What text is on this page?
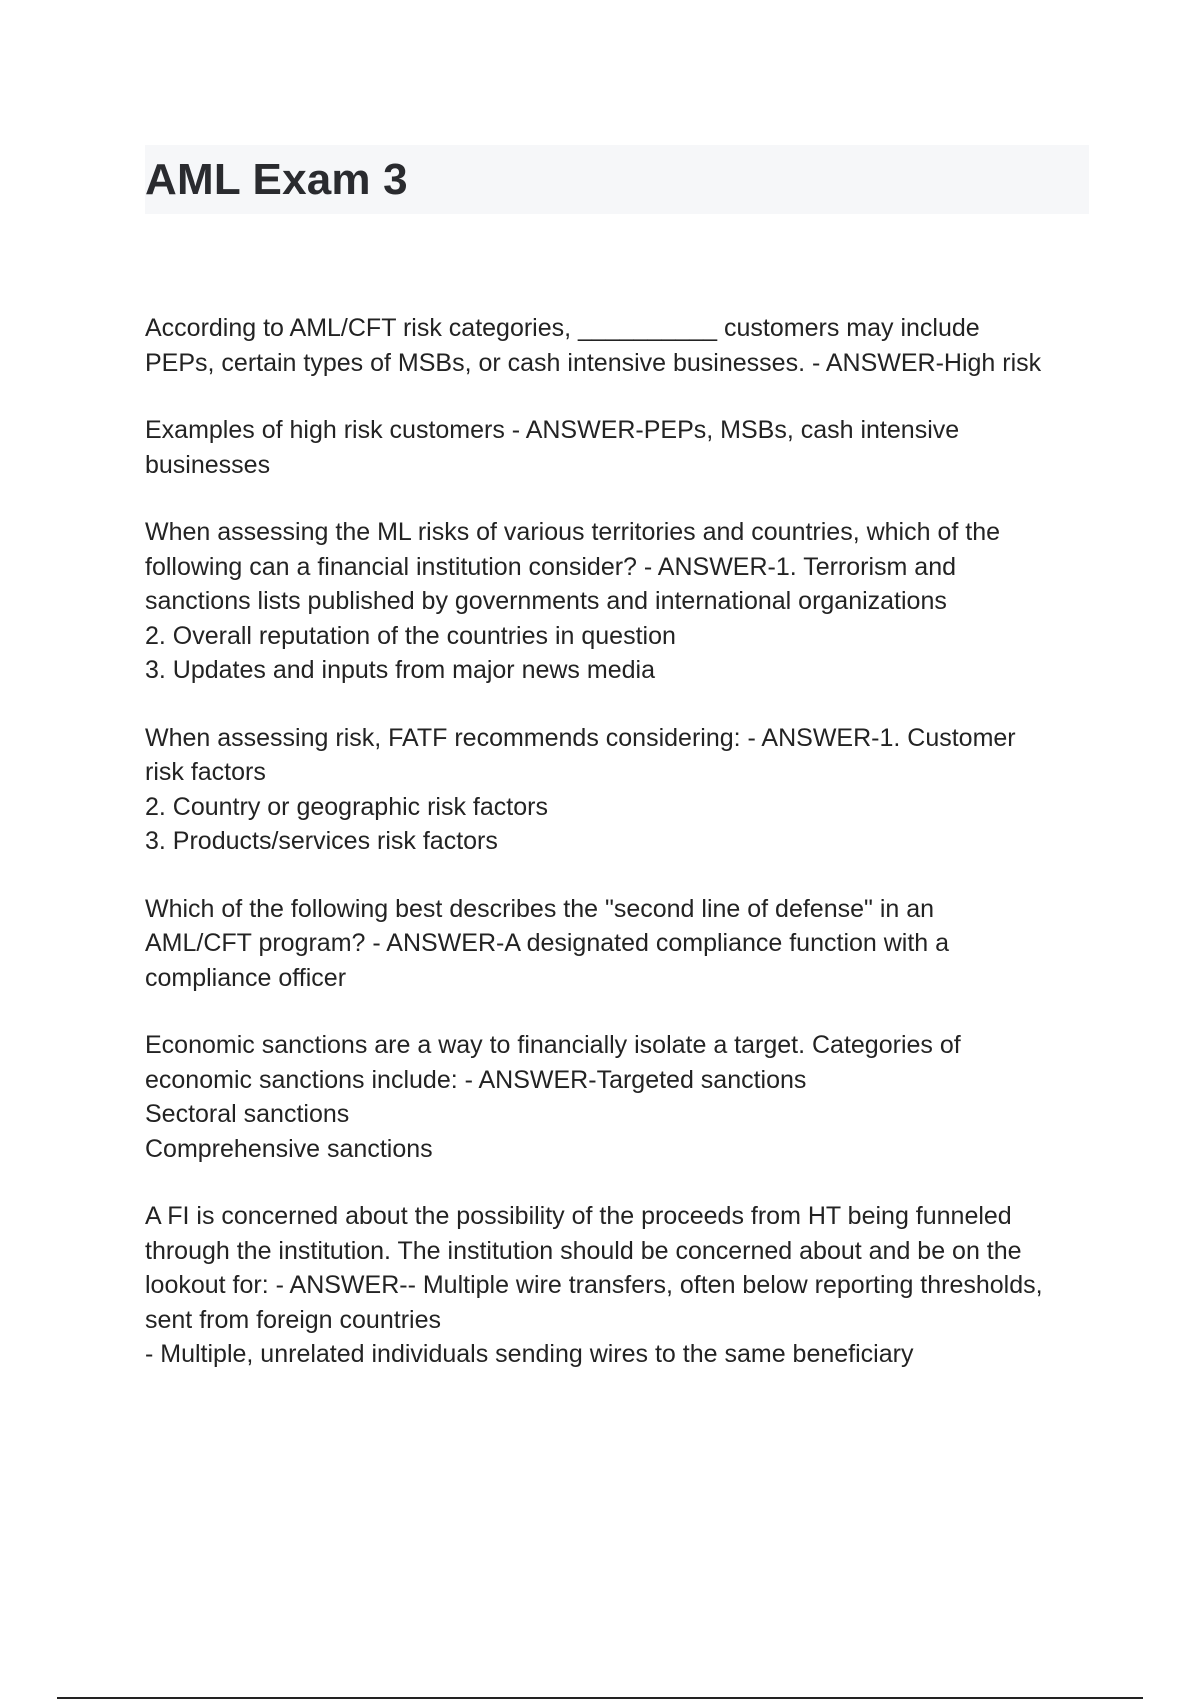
AML Exam 3
According to AML/CFT risk categories, __________ customers may include
PEPs, certain types of MSBs, or cash intensive businesses. - ANSWER-High risk
Examples of high risk customers - ANSWER-PEPs, MSBs, cash intensive
businesses
When assessing the ML risks of various territories and countries, which of the
following can a financial institution consider? - ANSWER-1. Terrorism and
sanctions lists published by governments and international organizations
2. Overall reputation of the countries in question
3. Updates and inputs from major news media
When assessing risk, FATF recommends considering: - ANSWER-1. Customer
risk factors
2. Country or geographic risk factors
3. Products/services risk factors
Which of the following best describes the "second line of defense" in an
AML/CFT program? - ANSWER-A designated compliance function with a
compliance officer
Economic sanctions are a way to financially isolate a target. Categories of
economic sanctions include: - ANSWER-Targeted sanctions
Sectoral sanctions
Comprehensive sanctions
A FI is concerned about the possibility of the proceeds from HT being funneled
through the institution. The institution should be concerned about and be on the
lookout for: - ANSWER-- Multiple wire transfers, often below reporting thresholds,
sent from foreign countries
- Multiple, unrelated individuals sending wires to the same beneficiary
